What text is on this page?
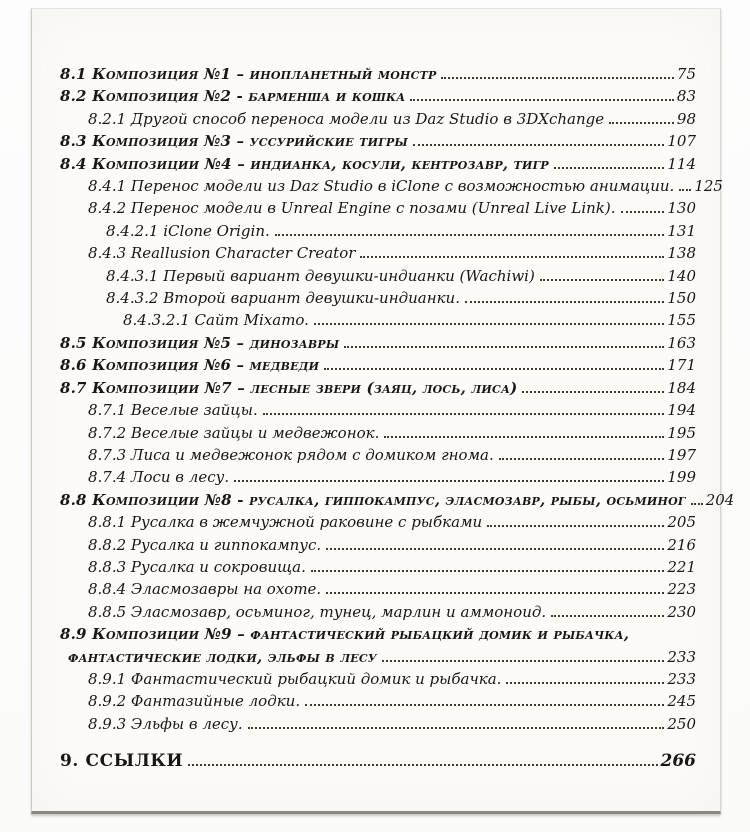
8.1 Композиция №1 – инопланетный монстр	75
8.2 Композиция №2 - барменша и кошка	83
8.2.1 Другой способ переноса модели из Daz Studio в 3DXchange	98
8.3 Композиция №3 – уссурийские тигры	107
8.4 Композиции №4 – индианка, косули, кентрозавр, тигр	114
8.4.1 Перенос модели из Daz Studio в iClone с возможностью анимации. 125
8.4.2 Перенос модели в Unreal Engine с позами (Unreal Live Link).	130
8.4.2.1 iClone Origin.	131
8.4.3 Reallusion Character Creator	138
8.4.3.1 Первый вариант девушки-индианки (Wachiwi)	140
8.4.3.2 Второй вариант девушки-индианки.	150
8.4.3.2.1 Сайт Mixamo.	155
8.5 Композиция №5 – динозавры	163
8.6 Композиция №6 – медведи	171
8.7 Композиции №7 – лесные звери (заяц, лось, лиса)	184
8.7.1 Веселые зайцы.	194
8.7.2 Веселые зайцы и медвежонок.	195
8.7.3 Лиса и медвежонок рядом с домиком гнома.	197
8.7.4 Лоси в лесу.	199
8.8 Композиции №8 - русалка, гиппокампус, эласмозавр, рыбы, осьминог 204
8.8.1 Русалка в жемчужной раковине с рыбками	205
8.8.2 Русалка и гиппокампус.	216
8.8.3 Русалка и сокровища.	221
8.8.4 Эласмозавры на охоте.	223
8.8.5 Эласмозавр, осьминог, тунец, марлин и аммоноид.	230
8.9 Композиции №9 – фантастический рыбацкий домик и рыбачка,
фантастические лодки, эльфы в лесу	233
8.9.1 Фантастический рыбацкий домик и рыбачка.	233
8.9.2 Фантазийные лодки.	245
8.9.3 Эльфы в лесу.	250
9. ССЫЛКИ	266
